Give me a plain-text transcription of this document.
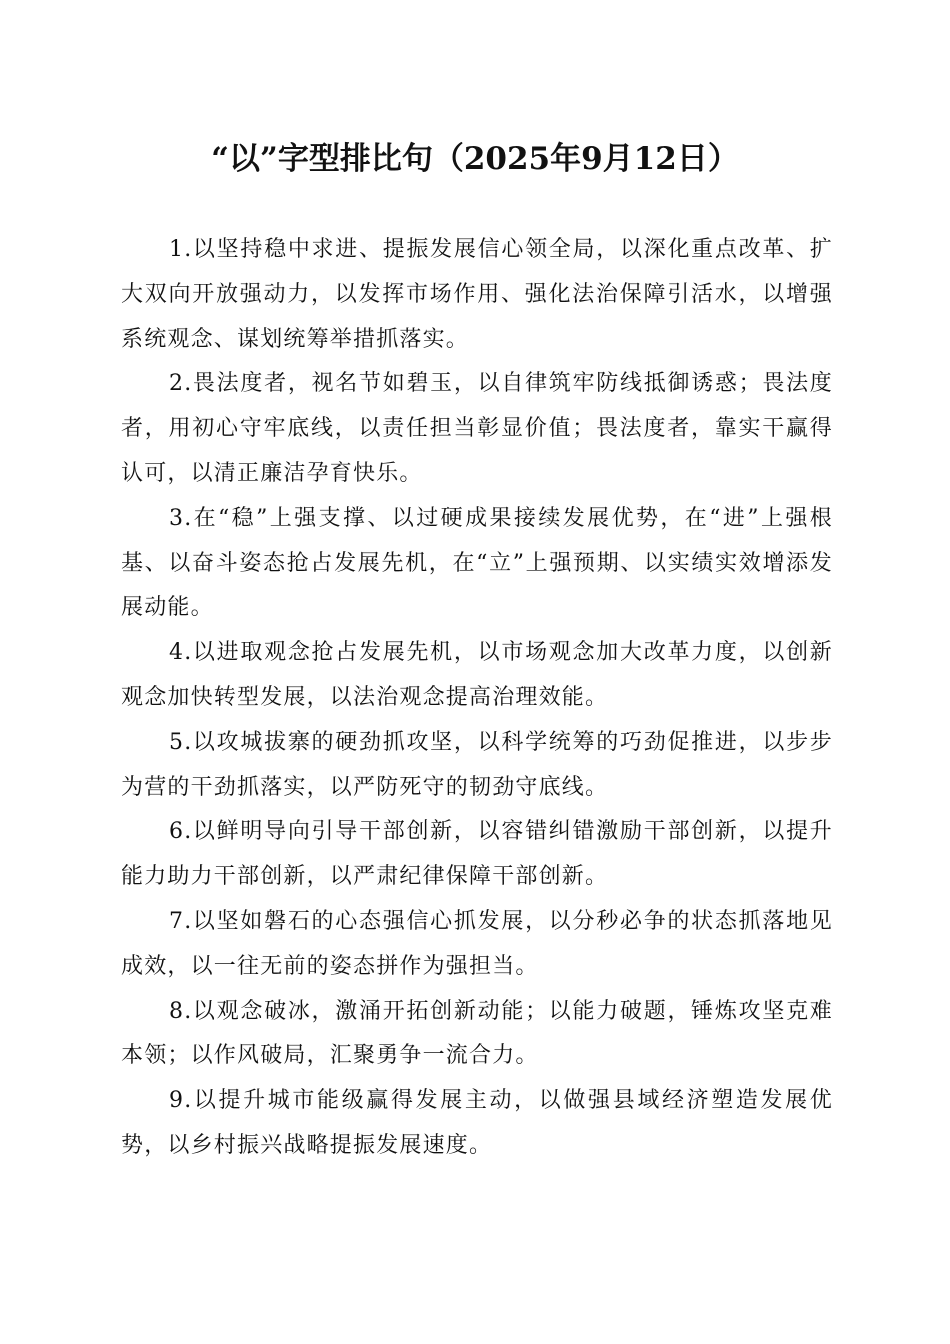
“以”字型排比句（2025年9月12日）

1.以坚持稳中求进、提振发展信心领全局，以深化重点改革、扩大双向开放强动力，以发挥市场作用、强化法治保障引活水，以增强系统观念、谋划统筹举措抓落实。

2.畏法度者，视名节如碧玉，以自律筑牢防线抵御诱惑；畏法度者，用初心守牢底线，以责任担当彰显价值；畏法度者，靠实干赢得认可，以清正廉洁孕育快乐。

3.在“稳”上强支撑、以过硬成果接续发展优势，在“进”上强根基、以奋斗姿态抢占发展先机，在“立”上强预期、以实绩实效增添发展动能。

4.以进取观念抢占发展先机，以市场观念加大改革力度，以创新观念加快转型发展，以法治观念提高治理效能。

5.以攻城拔寨的硬劲抓攻坚，以科学统筹的巧劲促推进，以步步为营的干劲抓落实，以严防死守的韧劲守底线。

6.以鲜明导向引导干部创新，以容错纠错激励干部创新，以提升能力助力干部创新，以严肃纪律保障干部创新。

7.以坚如磐石的心态强信心抓发展，以分秒必争的状态抓落地见成效，以一往无前的姿态拼作为强担当。

8.以观念破冰，激涌开拓创新动能；以能力破题，锤炼攻坚克难本领；以作风破局，汇聚勇争一流合力。

9.以提升城市能级赢得发展主动，以做强县域经济塑造发展优势，以乡村振兴战略提振发展速度。
